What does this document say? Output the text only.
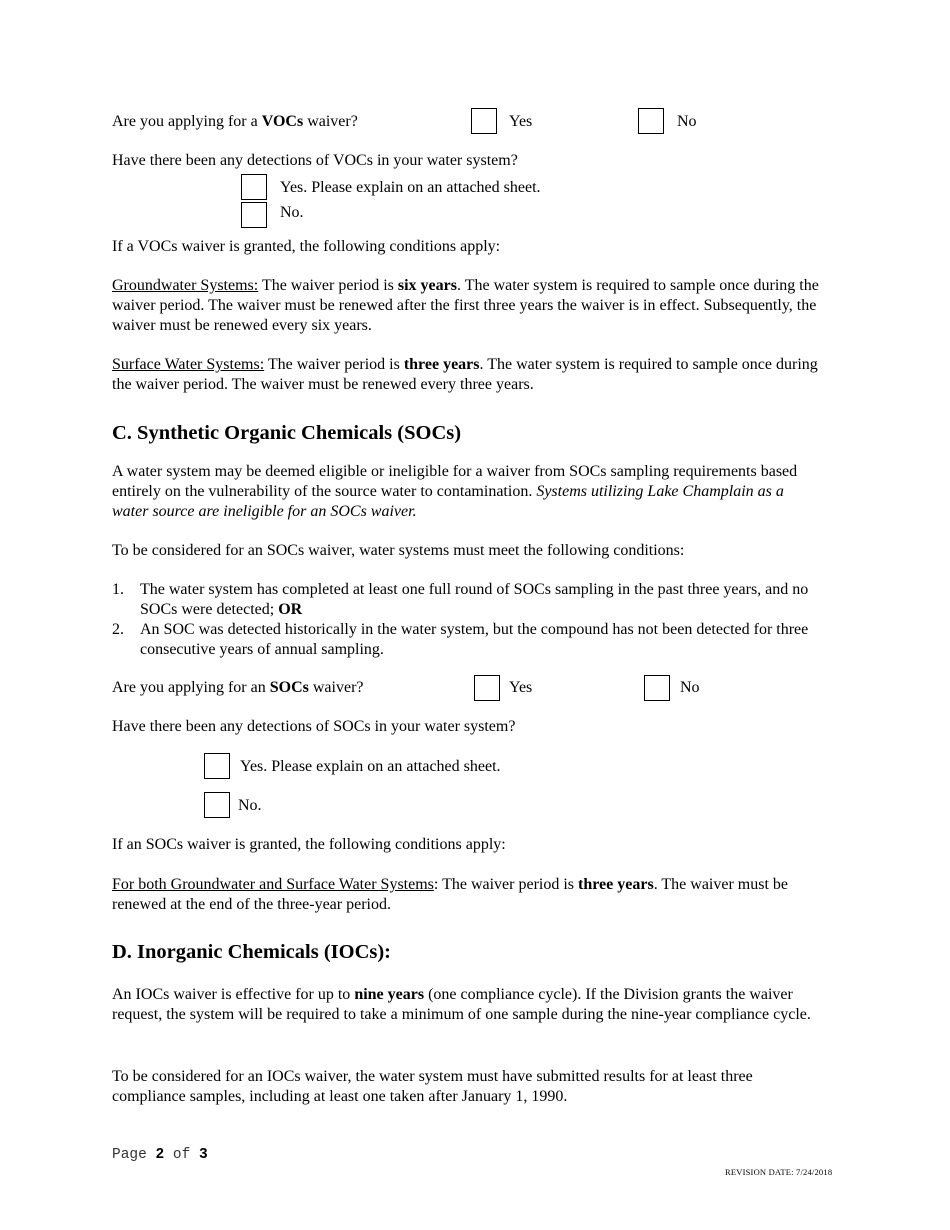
Are you applying for a VOCs waiver?	Yes	No
Have there been any detections of VOCs in your water system?
Yes. Please explain on an attached sheet.
No.
If a VOCs waiver is granted, the following conditions apply:
Groundwater Systems: The waiver period is six years. The water system is required to sample once during the waiver period. The waiver must be renewed after the first three years the waiver is in effect. Subsequently, the waiver must be renewed every six years.
Surface Water Systems: The waiver period is three years. The water system is required to sample once during the waiver period. The waiver must be renewed every three years.
C. Synthetic Organic Chemicals (SOCs)
A water system may be deemed eligible or ineligible for a waiver from SOCs sampling requirements based entirely on the vulnerability of the source water to contamination. Systems utilizing Lake Champlain as a water source are ineligible for an SOCs waiver.
To be considered for an SOCs waiver, water systems must meet the following conditions:
1. The water system has completed at least one full round of SOCs sampling in the past three years, and no SOCs were detected; OR
2. An SOC was detected historically in the water system, but the compound has not been detected for three consecutive years of annual sampling.
Are you applying for an SOCs waiver?	Yes	No
Have there been any detections of SOCs in your water system?
Yes. Please explain on an attached sheet.
No.
If an SOCs waiver is granted, the following conditions apply:
For both Groundwater and Surface Water Systems: The waiver period is three years. The waiver must be renewed at the end of the three-year period.
D. Inorganic Chemicals (IOCs):
An IOCs waiver is effective for up to nine years (one compliance cycle). If the Division grants the waiver request, the system will be required to take a minimum of one sample during the nine-year compliance cycle.
To be considered for an IOCs waiver, the water system must have submitted results for at least three compliance samples, including at least one taken after January 1, 1990.
Page 2 of 3
REVISION DATE: 7/24/2018
